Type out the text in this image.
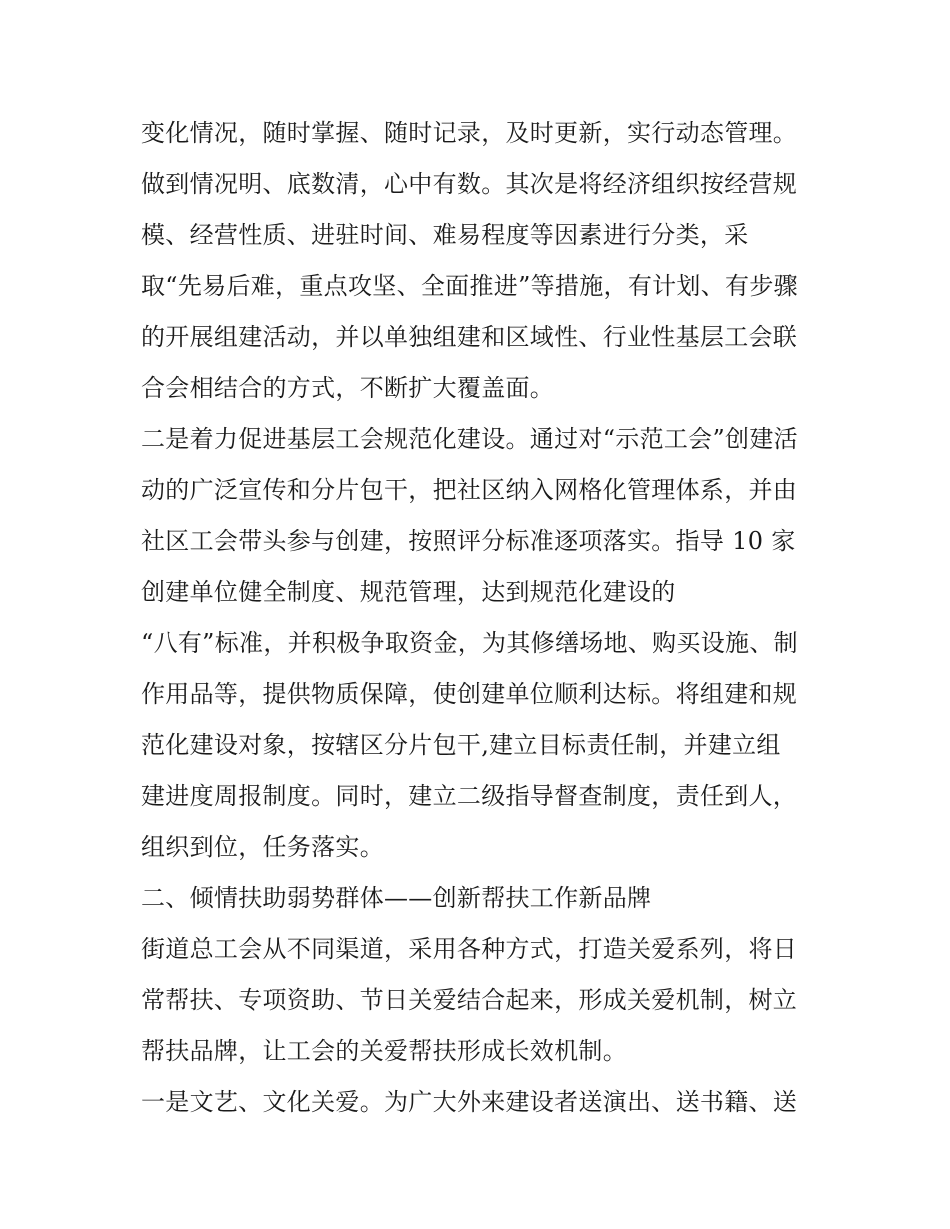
变化情况，随时掌握、随时记录，及时更新，实行动态管理。
做到情况明、底数清，心中有数。其次是将经济组织按经营规
模、经营性质、进驻时间、难易程度等因素进行分类，采
取“先易后难，重点攻坚、全面推进”等措施，有计划、有步骤
的开展组建活动，并以单独组建和区域性、行业性基层工会联
合会相结合的方式，不断扩大覆盖面。
二是着力促进基层工会规范化建设。通过对“示范工会”创建活
动的广泛宣传和分片包干，把社区纳入网格化管理体系，并由
社区工会带头参与创建，按照评分标准逐项落实。指导 10 家
创建单位健全制度、规范管理，达到规范化建设的
“八有”标准，并积极争取资金，为其修缮场地、购买设施、制
作用品等，提供物质保障，使创建单位顺利达标。将组建和规
范化建设对象，按辖区分片包干,建立目标责任制，并建立组
建进度周报制度。同时，建立二级指导督查制度，责任到人，
组织到位，任务落实。
二、倾情扶助弱势群体——创新帮扶工作新品牌
街道总工会从不同渠道，采用各种方式，打造关爱系列，将日
常帮扶、专项资助、节日关爱结合起来，形成关爱机制，树立
帮扶品牌，让工会的关爱帮扶形成长效机制。
一是文艺、文化关爱。为广大外来建设者送演出、送书籍、送
